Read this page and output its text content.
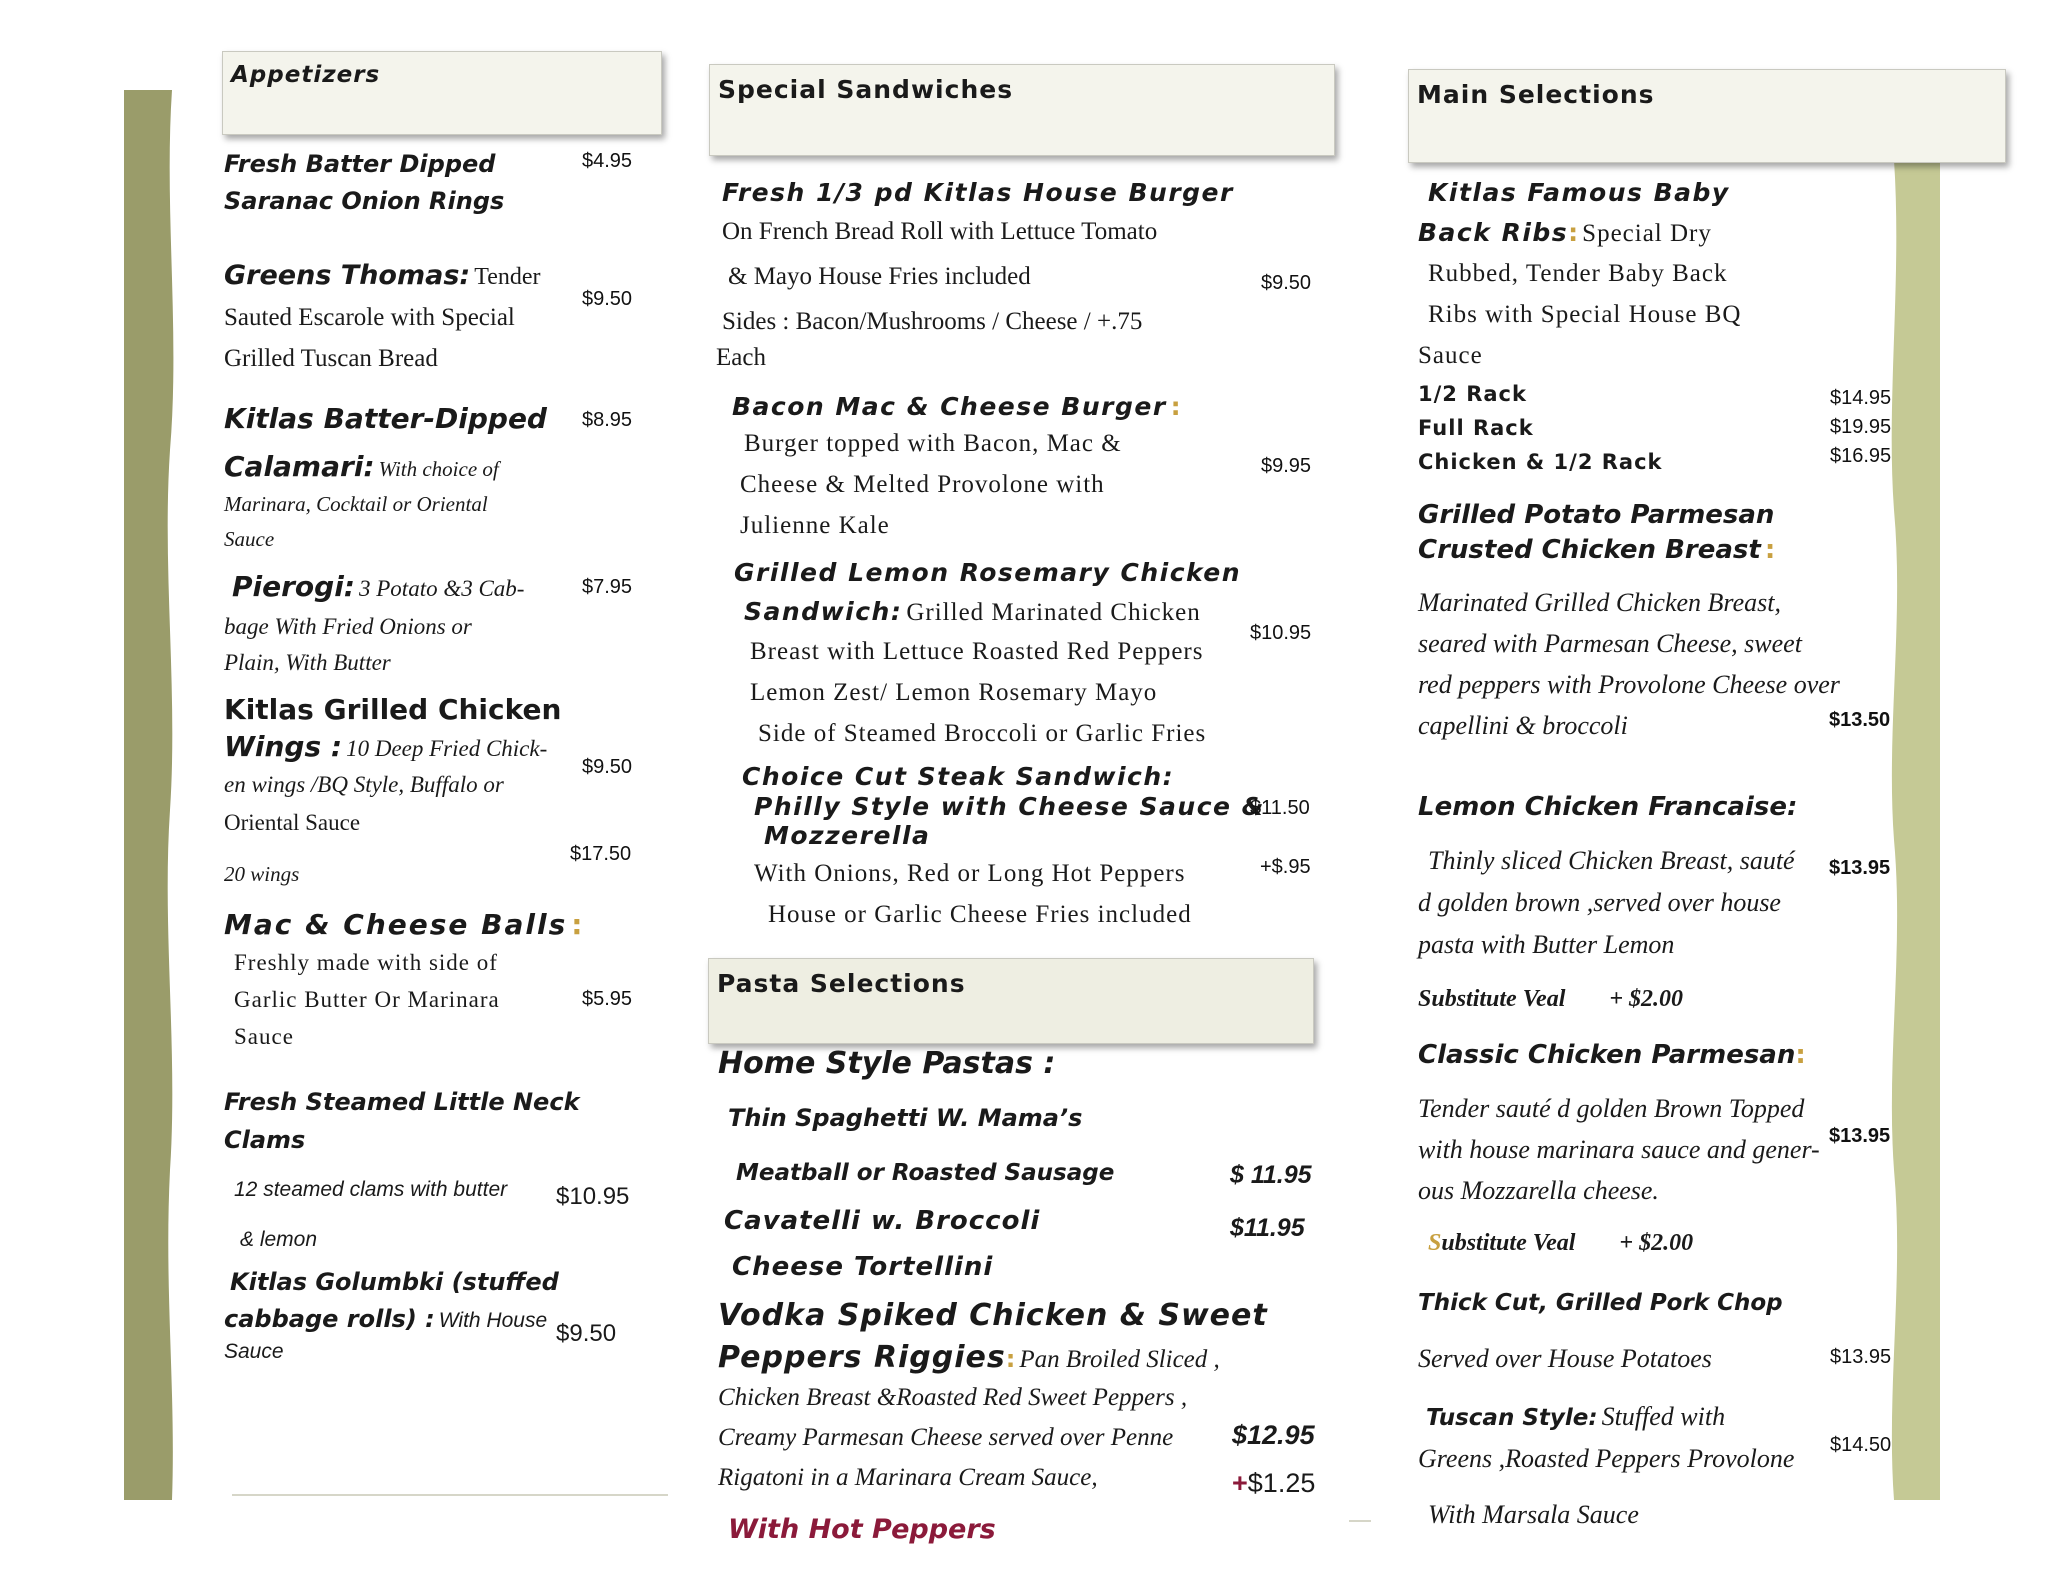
Appetizers
Fresh Batter Dipped
Saranac Onion Rings
$4.95
Greens Thomas: Tender
Sauted Escarole with Special
Grilled Tuscan Bread
$9.50
Kitlas Batter-Dipped
Calamari: With choice of
Marinara, Cocktail or Oriental
Sauce
$8.95
Pierogi: 3 Potato &3 Cab-
bage With Fried Onions or
Plain, With Butter
$7.95
Kitlas Grilled Chicken
Wings : 10 Deep Fried Chick-
en wings /BQ Style, Buffalo or
Oriental Sauce
20 wings
$9.50
$17.50
Mac & Cheese Balls :
Freshly made with side of
Garlic Butter Or Marinara
Sauce
$5.95
Fresh Steamed Little Neck
Clams
12 steamed clams with butter
& lemon
$10.95
Kitlas Golumbki (stuffed
cabbage rolls) : With House
Sauce
$9.50
Special Sandwiches
Fresh 1/3 pd Kitlas House Burger
On French Bread Roll with Lettuce Tomato
& Mayo House Fries included
Sides : Bacon/Mushrooms / Cheese / +.75
Each
$9.50
Bacon Mac & Cheese Burger :
Burger topped with Bacon, Mac &
Cheese & Melted Provolone with
Julienne Kale
$9.95
Grilled Lemon Rosemary Chicken
Sandwich: Grilled Marinated Chicken
Breast with Lettuce Roasted Red Peppers
Lemon Zest/ Lemon Rosemary Mayo
Side of Steamed Broccoli or Garlic Fries
$10.95
Choice Cut Steak Sandwich:
Philly Style with Cheese Sauce &
Mozzerella
With Onions, Red or Long Hot Peppers
House or Garlic Cheese Fries included
$11.50
+$.95
Pasta Selections
Home Style Pastas :
Thin Spaghetti W. Mama’s
Meatball or Roasted Sausage	$ 11.95
Cavatelli w. Broccoli	$11.95
Cheese Tortellini
Vodka Spiked Chicken & Sweet
Peppers Riggies: Pan Broiled Sliced ,
Chicken Breast &Roasted Red Sweet Peppers ,
Creamy Parmesan Cheese served over Penne
Rigatoni in a Marinara Cream Sauce,
With Hot Peppers
$12.95
+$1.25
Main Selections
Kitlas Famous Baby
Back Ribs: Special Dry
Rubbed, Tender Baby Back
Ribs with Special House BQ
Sauce
1/2 Rack	$14.95
Full Rack	$19.95
Chicken & 1/2 Rack	$16.95
Grilled Potato Parmesan
Crusted Chicken Breast :
Marinated Grilled Chicken Breast,
seared with Parmesan Cheese, sweet
red peppers with Provolone Cheese over
capellini & broccoli	$13.50
Lemon Chicken Francaise:
Thinly sliced Chicken Breast, sauté
d golden brown ,served over house
pasta with Butter Lemon
Substitute Veal + $2.00
$13.95
Classic Chicken Parmesan:
Tender sauté d golden Brown Topped
with house marinara sauce and gener-
ous Mozzarella cheese.
Substitute Veal + $2.00
$13.95
Thick Cut, Grilled Pork Chop
Served over House Potatoes	$13.95
Tuscan Style: Stuffed with
Greens ,Roasted Peppers Provolone
With Marsala Sauce
$14.50
